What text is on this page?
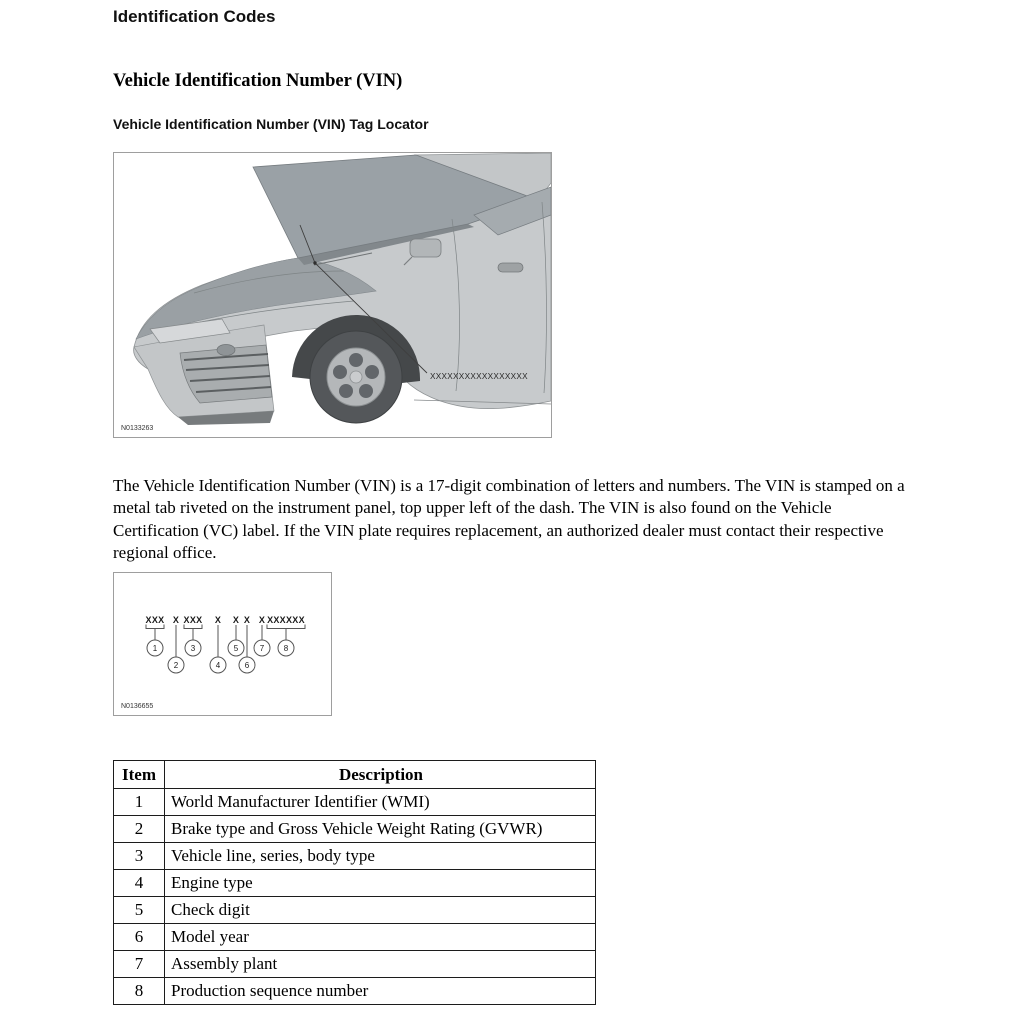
Identification Codes
Vehicle Identification Number (VIN)
Vehicle Identification Number (VIN) Tag Locator
XXXXXXXXXXXXXXXXX
N0133263

The Vehicle Identification Number (VIN) is a 17-digit combination of letters and numbers. The VIN is stamped on a metal tab riveted on the instrument panel, top upper left of the dash. The VIN is also found on the Vehicle Certification (VC) label. If the VIN plate requires replacement, an authorized dealer must contact their respective regional office.

XXX
1
X
2
XXX
3
X
4
X
5
X
6
X
7
XXXXXX
8
N0136655
Item	Description
1	World Manufacturer Identifier (WMI)
2	Brake type and Gross Vehicle Weight Rating (GVWR)
3	Vehicle line, series, body type
4	Engine type
5	Check digit
6	Model year
7	Assembly plant
8	Production sequence number
